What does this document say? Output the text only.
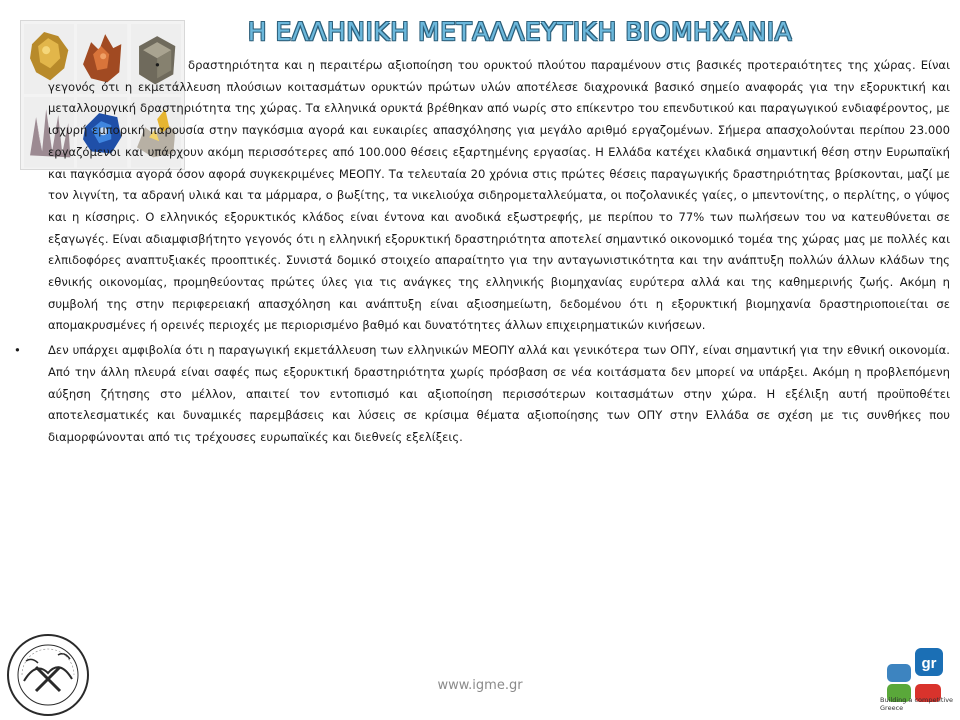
Η ΕΛΛΗΝΙΚΗ ΜΕΤΑΛΛΕΥΤΙΚΗ ΒΙΟΜΗΧΑΝΙΑ

• δραστηριότητα και η περαιτέρω αξιοποίηση του ορυκτού πλούτου παραμένουν στις βασικές προτεραιότητες της χώρας. Είναι γεγονός ότι η εκμετάλλευση πλούσιων κοιτασμάτων ορυκτών πρώτων υλών αποτέλεσε διαχρονικά βασικό σημείο αναφοράς για την εξορυκτική και μεταλλουργική δραστηριότητα της χώρας. Τα ελληνικά ορυκτά βρέθηκαν από νωρίς στο επίκεντρο του επενδυτικού και παραγωγικού ενδιαφέροντος, με ισχυρή εμπορική παρουσία στην παγκόσμια αγορά και ευκαιρίες απασχόλησης για μεγάλο αριθμό εργαζομένων. Σήμερα απασχολούνται περίπου 23.000 εργαζόμενοι και υπάρχουν ακόμη περισσότερες από 100.000 θέσεις εξαρτημένης εργασίας. Η Ελλάδα κατέχει κλαδικά σημαντική θέση στην Ευρωπαϊκή και παγκόσμια αγορά όσον αφορά συγκεκριμένες ΜΕΟΠΥ. Τα τελευταία 20 χρόνια στις πρώτες θέσεις παραγωγικής δραστηριότητας βρίσκονται, μαζί με τον λιγνίτη, τα αδρανή υλικά και τα μάρμαρα, ο βωξίτης, τα νικελιούχα σιδηρομεταλλεύματα, οι ποζολανικές γαίες, ο μπεντονίτης, ο περλίτης, ο γύψος και η κίσσηρις. Ο ελληνικός εξορυκτικός κλάδος είναι έντονα και ανοδικά εξωστρεφής, με περίπου το 77% των πωλήσεων του να κατευθύνεται σε εξαγωγές. Είναι αδιαμφισβήτητο γεγονός ότι η ελληνική εξορυκτική δραστηριότητα αποτελεί σημαντικό οικονομικό τομέα της χώρας μας με πολλές και ελπιδοφόρες αναπτυξιακές προοπτικές. Συνιστά δομικό στοιχείο απαραίτητο για την ανταγωνιστικότητα και την ανάπτυξη πολλών άλλων κλάδων της εθνικής οικονομίας, προμηθεύοντας πρώτες ύλες για τις ανάγκες της ελληνικής βιομηχανίας ευρύτερα αλλά και της καθημερινής ζωής. Ακόμη η συμβολή της στην περιφερειακή απασχόληση και ανάπτυξη είναι αξιοσημείωτη, δεδομένου ότι η εξορυκτική βιομηχανία δραστηριοποιείται σε απομακρυσμένες ή ορεινές περιοχές με περιορισμένο βαθμό και δυνατότητες άλλων επιχειρηματικών κινήσεων.

• Δεν υπάρχει αμφιβολία ότι η παραγωγική εκμετάλλευση των ελληνικών ΜΕΟΠΥ αλλά και γενικότερα των ΟΠΥ, είναι σημαντική για την εθνική οικονομία. Από την άλλη πλευρά είναι σαφές πως εξορυκτική δραστηριότητα χωρίς πρόσβαση σε νέα κοιτάσματα δεν μπορεί να υπάρξει. Ακόμη η προβλεπόμενη αύξηση ζήτησης στο μέλλον, απαιτεί τον εντοπισμό και αξιοποίηση περισσότερων κοιτασμάτων στην χώρα. Η εξέλιξη αυτή προϋποθέτει αποτελεσματικές και δυναμικές παρεμβάσεις και λύσεις σε κρίσιμα θέματα αξιοποίησης των ΟΠΥ στην Ελλάδα σε σχέση με τις συνθήκες που διαμορφώνονται από τις τρέχουσες ευρωπαϊκές και διεθνείς εξελίξεις.

www.igme.gr
gr
Building a competitive Greece
